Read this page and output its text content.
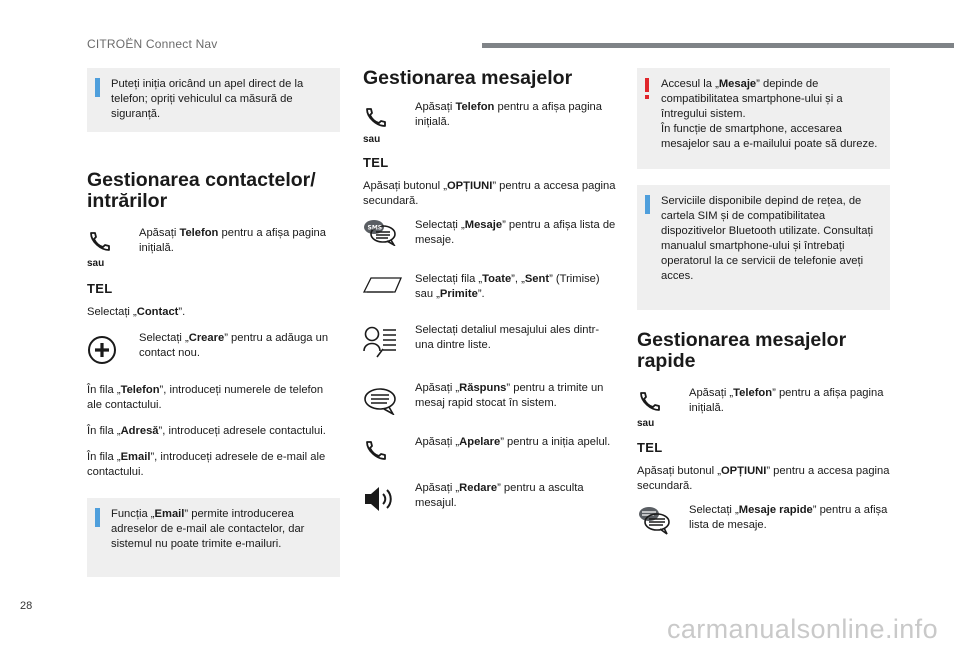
CITROËN Connect Nav
Puteți iniția oricând un apel direct de la telefon; opriți vehiculul ca măsură de siguranță.
Gestionarea contactelor/ intrărilor
sau
Apăsați Telefon pentru a afișa pagina inițială.
TEL

Selectați „Contact”.

Selectați „Creare” pentru a adăuga un contact nou.

În fila „Telefon”, introduceți numerele de telefon ale contactului.

În fila „Adresă”, introduceți adresele contactului.

În fila „Email”, introduceți adresele de e-mail ale contactului.

Funcția „Email” permite introducerea adreselor de e-mail ale contactelor, dar sistemul nu poate trimite e-mailuri.
Gestionarea mesajelor
sau
Apăsați Telefon pentru a afișa pagina inițială.
TEL

Apăsați butonul „OPȚIUNI” pentru a accesa pagina secundară.

SMS	Selectați „Mesaje” pentru a afișa lista de mesaje.
Selectați fila „Toate”, „Sent” (Trimise) sau „Primite”.
Selectați detaliul mesajului ales dintr-una dintre liste.
Apăsați „Răspuns” pentru a trimite un mesaj rapid stocat în sistem.
Apăsați „Apelare” pentru a iniția apelul.
Apăsați „Redare” pentru a asculta mesajul.
Accesul la „Mesaje” depinde de compatibilitatea smartphone-ului și a întregului sistem.
În funcție de smartphone, accesarea mesajelor sau a e-mailului poate să dureze.
Serviciile disponibile depind de rețea, de cartela SIM și de compatibilitatea dispozitivelor Bluetooth utilizate. Consultați manualul smartphone-ului și întrebați operatorul la ce servicii de telefonie aveți acces.
Gestionarea mesajelor rapide
sau
Apăsați „Telefon” pentru a afișa pagina inițială.
TEL

Apăsați butonul „OPȚIUNI” pentru a accesa pagina secundară.

Selectați „Mesaje rapide” pentru a afișa lista de mesaje.
28
carmanualsonline.info
